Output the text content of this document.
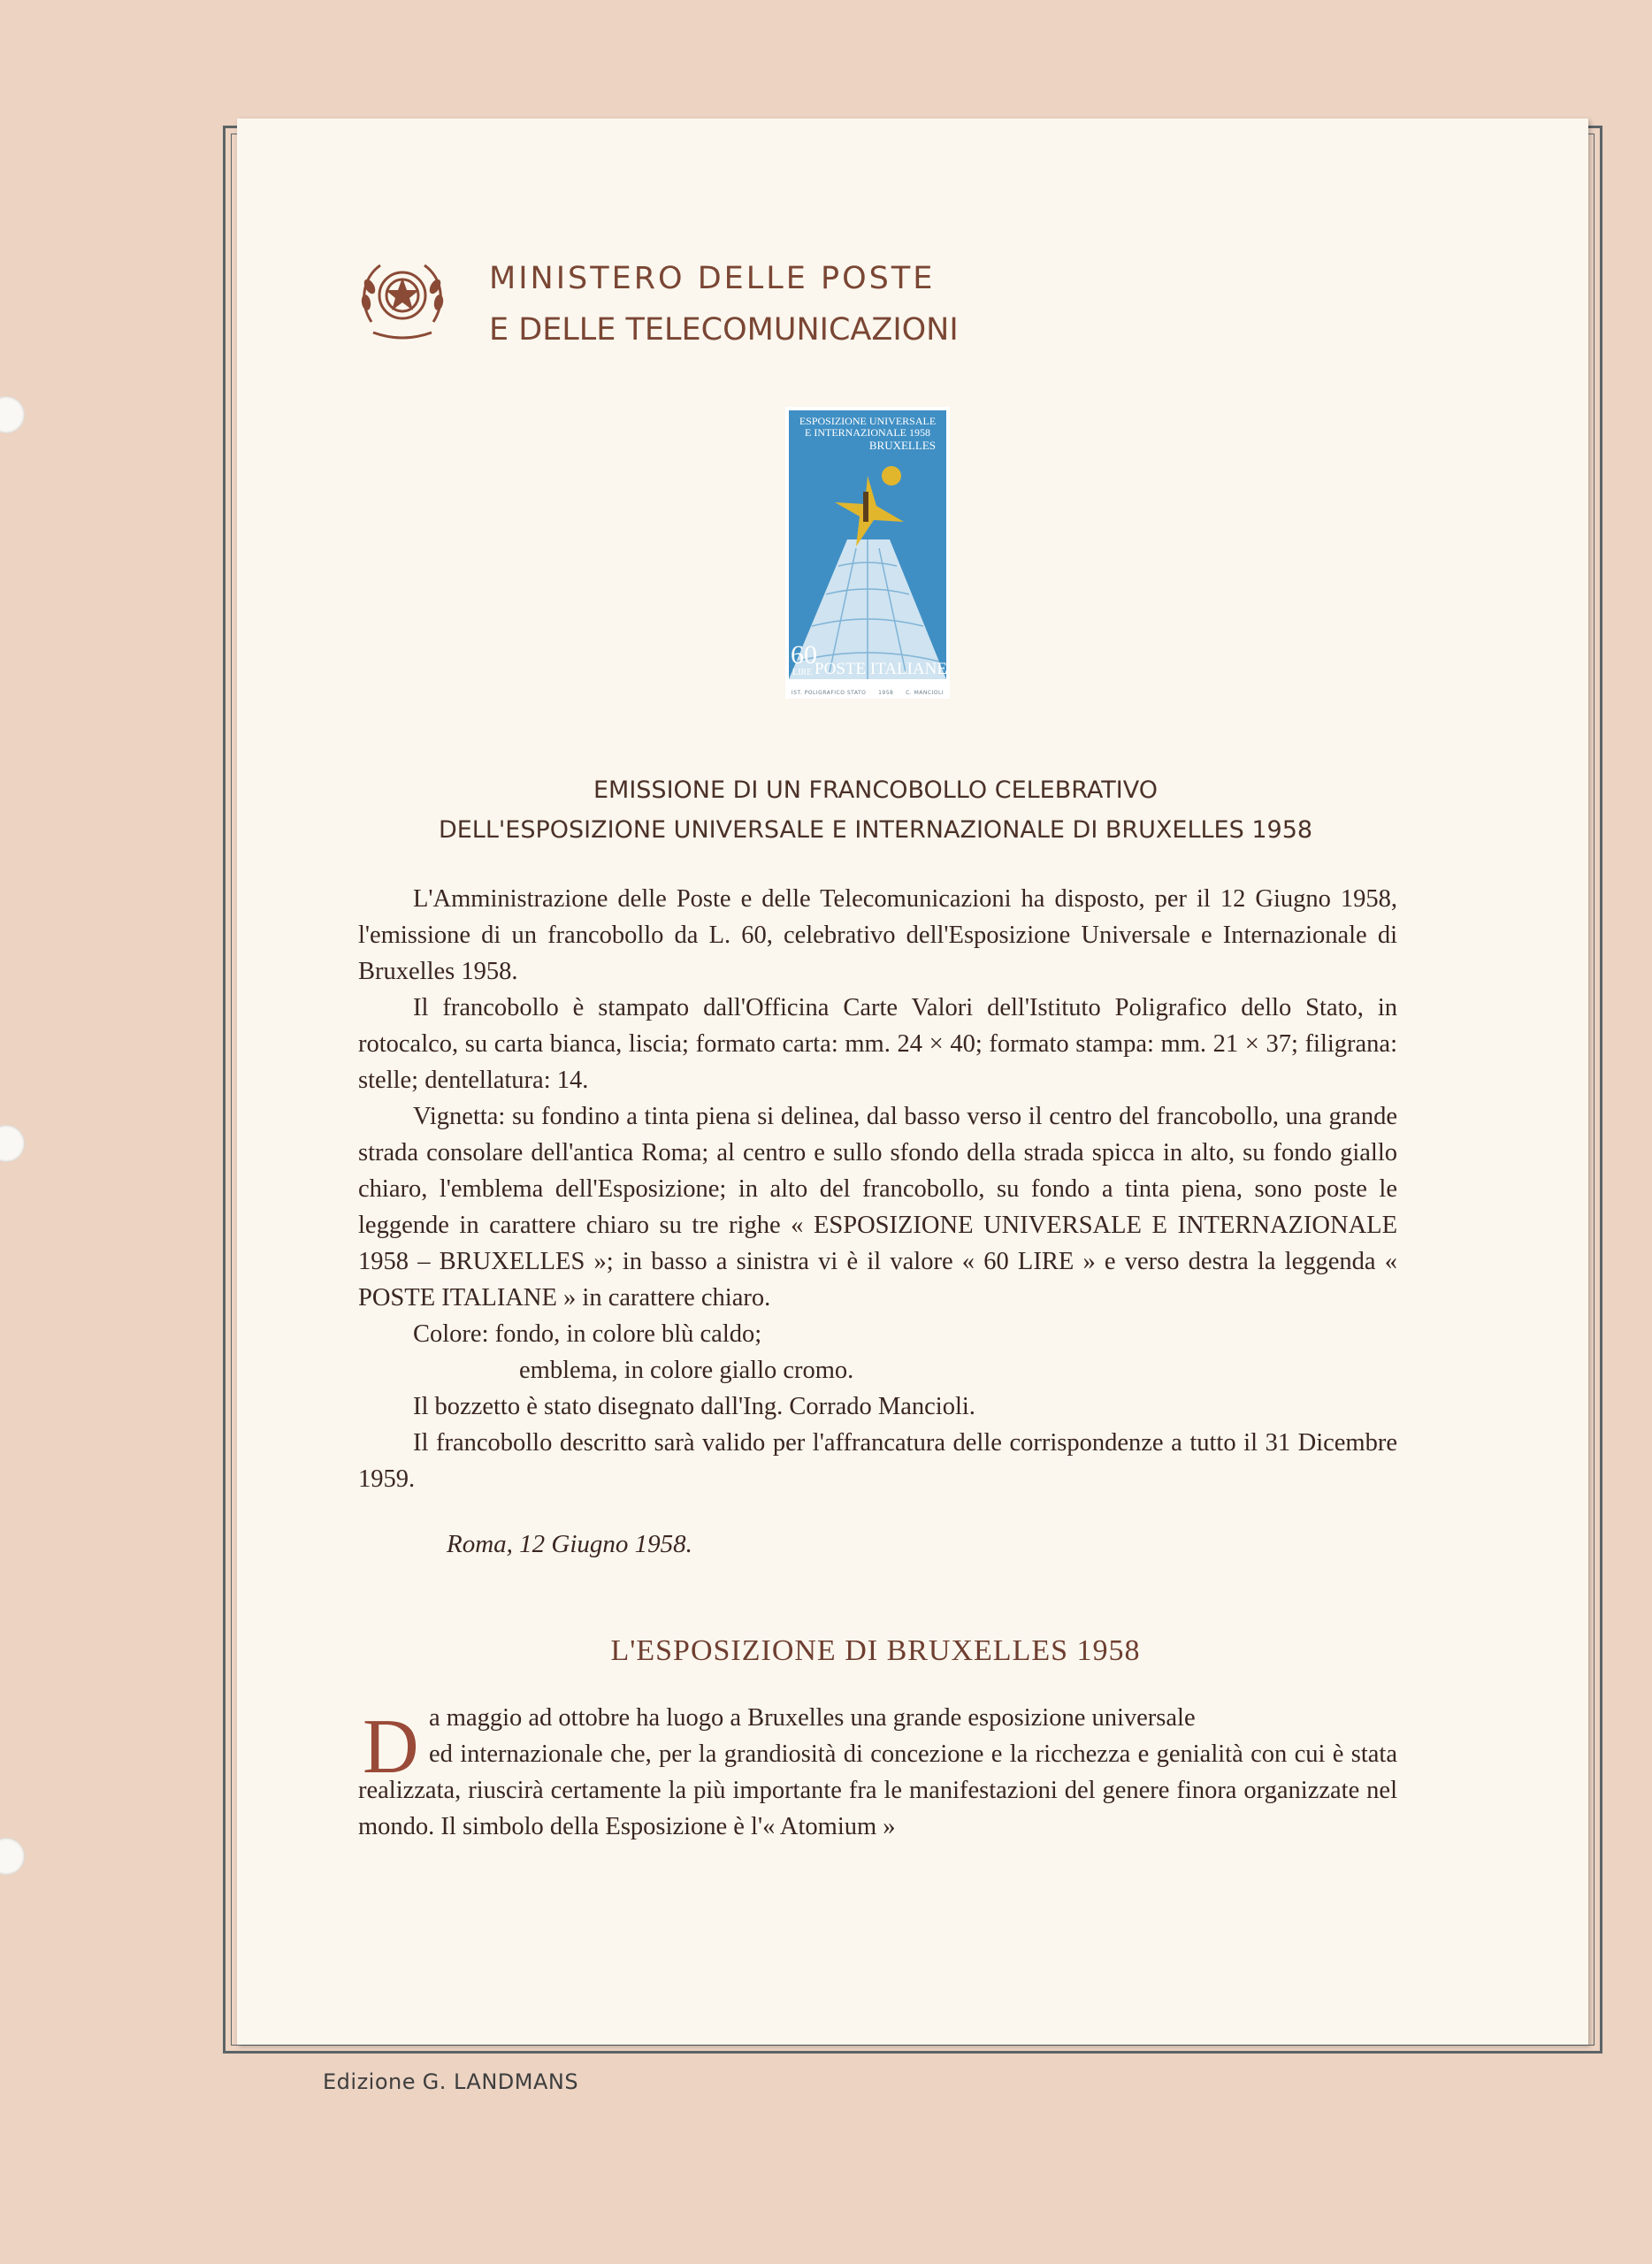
MINISTERO DELLE POSTE
E DELLE TELECOMUNICAZIONI
ESPOSIZIONE UNIVERSALE
E INTERNAZIONALE 1958
BRUXELLES
60
LIRE POSTE ITALIANE
IST. POLIGRAFICO STATO 1958 C. MANCIOLI
EMISSIONE DI UN FRANCOBOLLO CELEBRATIVO
DELL'ESPOSIZIONE UNIVERSALE E INTERNAZIONALE DI BRUXELLES 1958

L'Amministrazione delle Poste e delle Telecomunicazioni ha disposto, per il 12 Giugno 1958, l'emissione di un francobollo da L. 60, celebrativo dell'Esposizione Universale e Internazionale di Bruxelles 1958.

Il francobollo è stampato dall'Officina Carte Valori dell'Istituto Poligrafico dello Stato, in rotocalco, su carta bianca, liscia; formato carta: mm. 24 × 40; formato stampa: mm. 21 × 37; filigrana: stelle; dentellatura: 14.

Vignetta: su fondino a tinta piena si delinea, dal basso verso il centro del francobollo, una grande strada consolare dell'antica Roma; al centro e sullo sfondo della strada spicca in alto, su fondo giallo chiaro, l'emblema dell'Esposizione; in alto del francobollo, su fondo a tinta piena, sono poste le leggende in carattere chiaro su tre righe « ESPOSIZIONE UNIVERSALE E INTERNAZIONALE 1958 – BRUXELLES »; in basso a sinistra vi è il valore « 60 LIRE » e verso destra la leggenda « POSTE ITALIANE » in carattere chiaro.

Colore: fondo, in colore blù caldo;
emblema, in colore giallo cromo.

Il bozzetto è stato disegnato dall'Ing. Corrado Mancioli.

Il francobollo descritto sarà valido per l'affrancatura delle corrispondenze a tutto il 31 Dicembre 1959.

Roma, 12 Giugno 1958.
L'ESPOSIZIONE DI BRUXELLES 1958
D a maggio ad ottobre ha luogo a Bruxelles una grande esposizione universale
ed internazionale che, per la grandiosità di concezione e la ricchezza e genialità con cui è stata realizzata, riuscirà certamente la più importante fra le manifestazioni del genere finora organizzate nel mondo. Il simbolo della Esposizione è l'« Atomium »
Edizione G. LANDMANS
